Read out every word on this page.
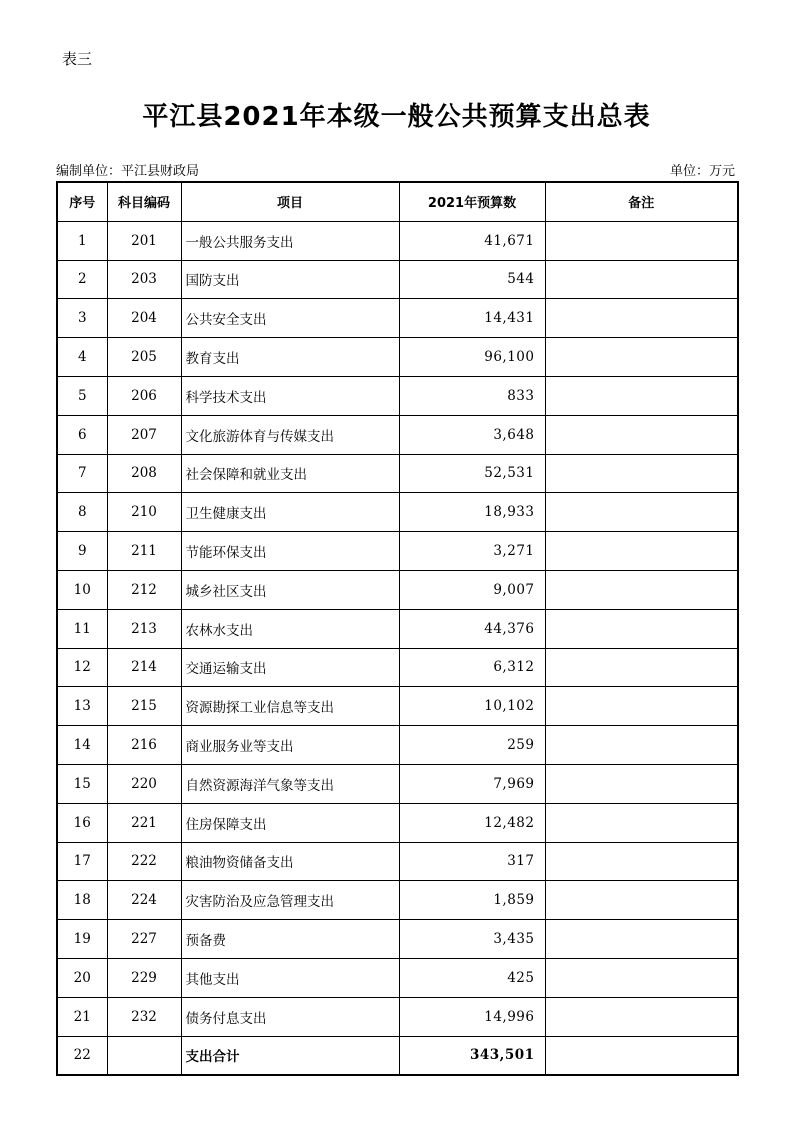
表三
平江县2021年本级一般公共预算支出总表
编制单位：平江县财政局	单位：万元
序号	科目编码	项目	2021年预算数	备注
1	201	一般公共服务支出	41,671	
2	203	国防支出	544	
3	204	公共安全支出	14,431	
4	205	教育支出	96,100	
5	206	科学技术支出	833	
6	207	文化旅游体育与传媒支出	3,648	
7	208	社会保障和就业支出	52,531	
8	210	卫生健康支出	18,933	
9	211	节能环保支出	3,271	
10	212	城乡社区支出	9,007	
11	213	农林水支出	44,376	
12	214	交通运输支出	6,312	
13	215	资源勘探工业信息等支出	10,102	
14	216	商业服务业等支出	259	
15	220	自然资源海洋气象等支出	7,969	
16	221	住房保障支出	12,482	
17	222	粮油物资储备支出	317	
18	224	灾害防治及应急管理支出	1,859	
19	227	预备费	3,435	
20	229	其他支出	425	
21	232	债务付息支出	14,996	
22		支出合计	343,501	
